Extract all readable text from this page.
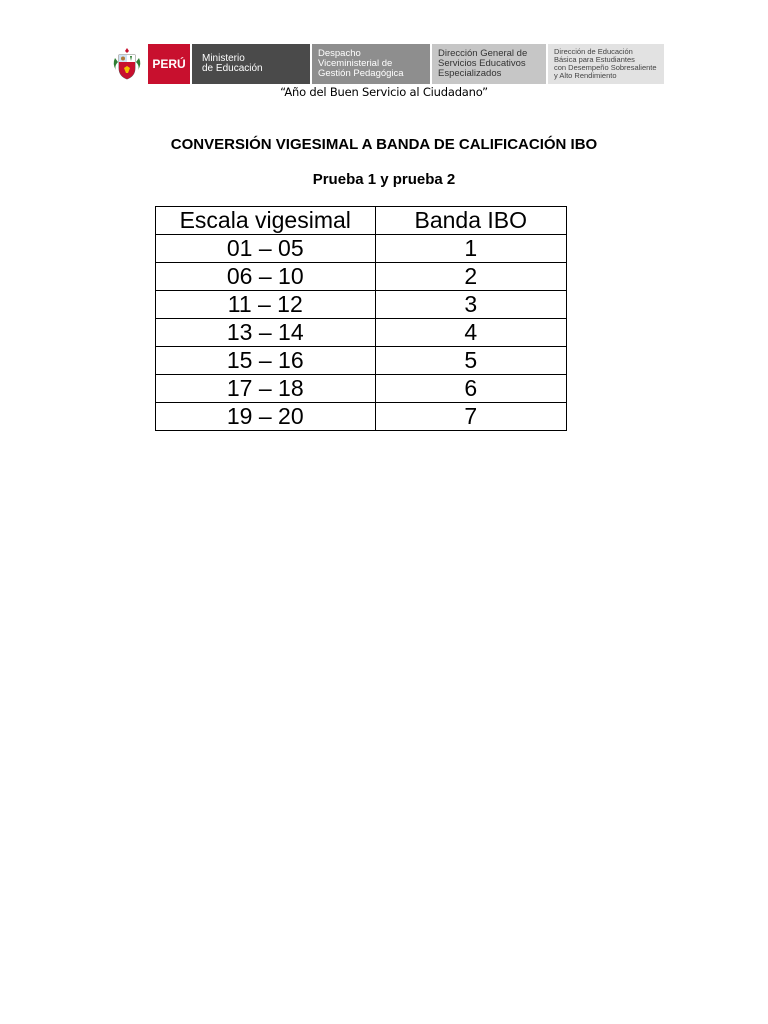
PERÚ Ministerio
de Educación
Despacho
Viceministerial de
Gestión Pedagógica
Dirección General de
Servicios Educativos
Especializados
Dirección de Educación
Básica para Estudiantes
con Desempeño Sobresaliente
y Alto Rendimiento
“Año del Buen Servicio al Ciudadano”
CONVERSIÓN VIGESIMAL A BANDA DE CALIFICACIÓN IBO
Prueba 1 y prueba 2
Escala vigesimal	Banda IBO
01 – 05	1
06 – 10	2
11 – 12	3
13 – 14	4
15 – 16	5
17 – 18	6
19 – 20	7
